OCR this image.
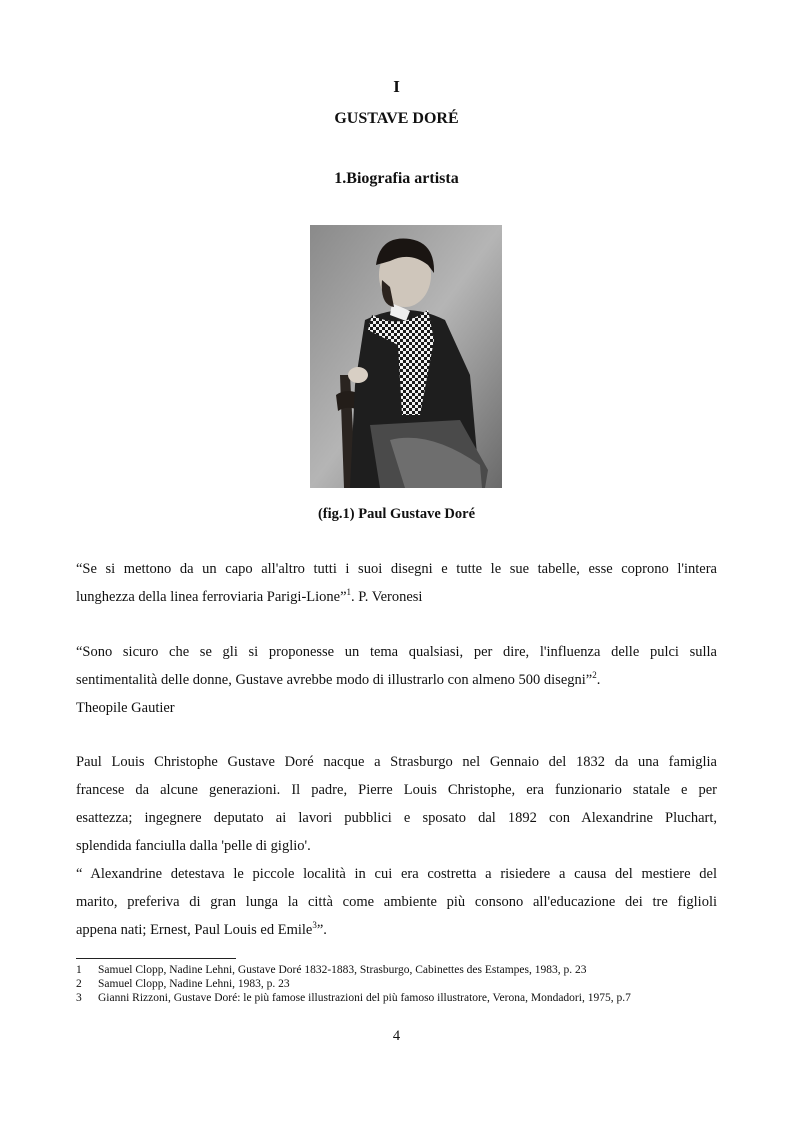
I
GUSTAVE DORÉ
1.Biografia artista
(fig.1) Paul Gustave Doré
“Se si mettono da un capo all'altro tutti i suoi disegni e tutte le sue tabelle, esse coprono l'intera
lunghezza della linea ferroviaria Parigi-Lione”$^1$. P. Veronesi
“Sono sicuro che se gli si proponesse un tema qualsiasi, per dire, l'influenza delle pulci sulla
sentimentalità delle donne, Gustave avrebbe modo di illustrarlo con almeno 500 disegni”$^2$.
Theopile Gautier
Paul Louis Christophe Gustave Doré nacque a Strasburgo nel Gennaio del 1832 da una famiglia
francese da alcune generazioni. Il padre, Pierre Louis Christophe, era funzionario statale e per
esattezza; ingegnere deputato ai lavori pubblici e sposato dal 1892 con Alexandrine Pluchart,
splendida fanciulla dalla 'pelle di giglio'.
“ Alexandrine detestava le piccole località in cui era costretta a risiedere a causa del mestiere del
marito, preferiva di gran lunga la città come ambiente più consono all'educazione dei tre figlioli
appena nati; Ernest, Paul Louis ed Emile$^3$”.
1 Samuel Clopp, Nadine Lehni, Gustave Doré 1832-1883, Strasburgo, Cabinettes des Estampes, 1983, p. 23
2 Samuel Clopp, Nadine Lehni, 1983, p. 23
3 Gianni Rizzoni, Gustave Doré: le più famose illustrazioni del più famoso illustratore, Verona, Mondadori, 1975, p.7
4
